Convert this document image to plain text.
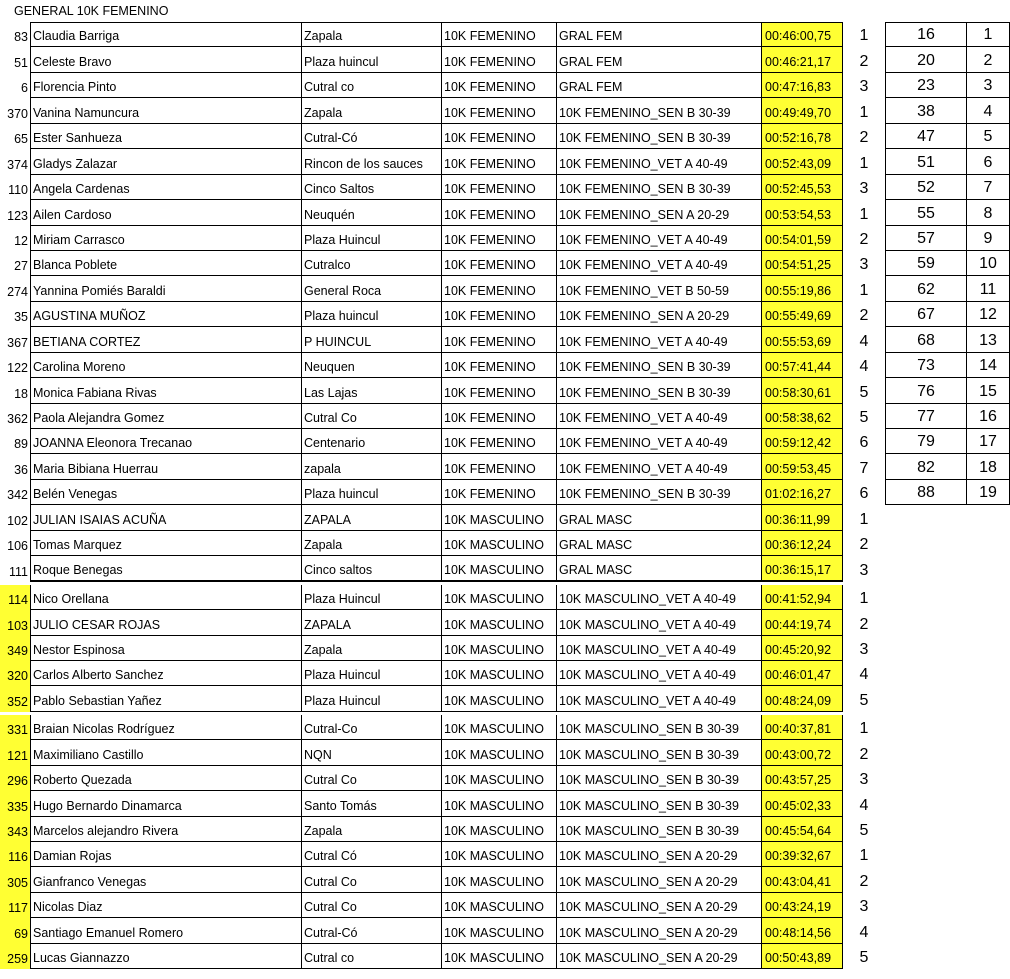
GENERAL 10K FEMENINO
83 Claudia Barriga	Zapala	10K FEMENINO	GRAL FEM	00:46:00,75	1	16	1
51 Celeste Bravo	Plaza huincul	10K FEMENINO	GRAL FEM	00:46:21,17	2	20	2
6 Florencia Pinto	Cutral co	10K FEMENINO	GRAL FEM	00:47:16,83	3	23	3
370 Vanina Namuncura	Zapala	10K FEMENINO	10K FEMENINO_SEN B 30-39	00:49:49,70	1	38	4
65 Ester Sanhueza	Cutral-Có	10K FEMENINO	10K FEMENINO_SEN B 30-39	00:52:16,78	2	47	5
374 Gladys Zalazar	Rincon de los sauces	10K FEMENINO	10K FEMENINO_VET A 40-49	00:52:43,09	1	51	6
110 Angela Cardenas	Cinco Saltos	10K FEMENINO	10K FEMENINO_SEN B 30-39	00:52:45,53	3	52	7
123 Ailen Cardoso	Neuquén	10K FEMENINO	10K FEMENINO_SEN A 20-29	00:53:54,53	1	55	8
12 Miriam Carrasco	Plaza Huincul	10K FEMENINO	10K FEMENINO_VET A 40-49	00:54:01,59	2	57	9
27 Blanca Poblete	Cutralco	10K FEMENINO	10K FEMENINO_VET A 40-49	00:54:51,25	3	59	10
274 Yannina Pomiés Baraldi	General Roca	10K FEMENINO	10K FEMENINO_VET B 50-59	00:55:19,86	1	62	11
35 AGUSTINA MUÑOZ	Plaza huincul	10K FEMENINO	10K FEMENINO_SEN A 20-29	00:55:49,69	2	67	12
367 BETIANA CORTEZ	P HUINCUL	10K FEMENINO	10K FEMENINO_VET A 40-49	00:55:53,69	4	68	13
122 Carolina Moreno	Neuquen	10K FEMENINO	10K FEMENINO_SEN B 30-39	00:57:41,44	4	73	14
18 Monica Fabiana Rivas	Las Lajas	10K FEMENINO	10K FEMENINO_SEN B 30-39	00:58:30,61	5	76	15
362 Paola Alejandra Gomez	Cutral Co	10K FEMENINO	10K FEMENINO_VET A 40-49	00:58:38,62	5	77	16
89 JOANNA Eleonora Trecanao	Centenario	10K FEMENINO	10K FEMENINO_VET A 40-49	00:59:12,42	6	79	17
36 Maria Bibiana Huerrau	zapala	10K FEMENINO	10K FEMENINO_VET A 40-49	00:59:53,45	7	82	18
342 Belén Venegas	Plaza huincul	10K FEMENINO	10K FEMENINO_SEN B 30-39	01:02:16,27	6	88	19
102 JULIAN ISAIAS ACUÑA	ZAPALA	10K MASCULINO	GRAL MASC	00:36:11,99	1
106 Tomas Marquez	Zapala	10K MASCULINO	GRAL MASC	00:36:12,24	2
111 Roque Benegas	Cinco saltos	10K MASCULINO	GRAL MASC	00:36:15,17	3
114 Nico Orellana	Plaza Huincul	10K MASCULINO	10K MASCULINO_VET A 40-49	00:41:52,94	1
103 JULIO CESAR ROJAS	ZAPALA	10K MASCULINO	10K MASCULINO_VET A 40-49	00:44:19,74	2
349 Nestor Espinosa	Zapala	10K MASCULINO	10K MASCULINO_VET A 40-49	00:45:20,92	3
320 Carlos Alberto Sanchez	Plaza Huincul	10K MASCULINO	10K MASCULINO_VET A 40-49	00:46:01,47	4
352 Pablo Sebastian Yañez	Plaza Huincul	10K MASCULINO	10K MASCULINO_VET A 40-49	00:48:24,09	5
331 Braian Nicolas Rodríguez	Cutral-Co	10K MASCULINO	10K MASCULINO_SEN B 30-39	00:40:37,81	1
121 Maximiliano Castillo	NQN	10K MASCULINO	10K MASCULINO_SEN B 30-39	00:43:00,72	2
296 Roberto Quezada	Cutral Co	10K MASCULINO	10K MASCULINO_SEN B 30-39	00:43:57,25	3
335 Hugo Bernardo Dinamarca	Santo Tomás	10K MASCULINO	10K MASCULINO_SEN B 30-39	00:45:02,33	4
343 Marcelos alejandro Rivera	Zapala	10K MASCULINO	10K MASCULINO_SEN B 30-39	00:45:54,64	5
116 Damian Rojas	Cutral Có	10K MASCULINO	10K MASCULINO_SEN A 20-29	00:39:32,67	1
305 Gianfranco Venegas	Cutral Co	10K MASCULINO	10K MASCULINO_SEN A 20-29	00:43:04,41	2
117 Nicolas Diaz	Cutral Co	10K MASCULINO	10K MASCULINO_SEN A 20-29	00:43:24,19	3
69 Santiago Emanuel Romero	Cutral-Có	10K MASCULINO	10K MASCULINO_SEN A 20-29	00:48:14,56	4
259 Lucas Giannazzo	Cutral co	10K MASCULINO	10K MASCULINO_SEN A 20-29	00:50:43,89	5
